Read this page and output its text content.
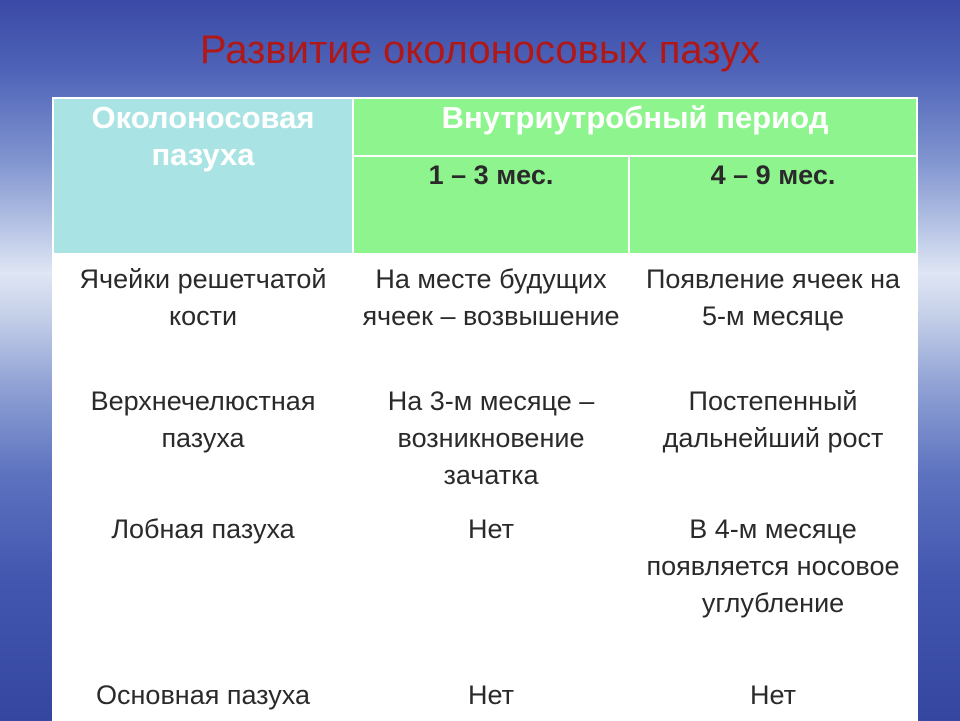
Развитие околоносовых пазух
Околоносовая пазуха	Внутриутробный период	
	1 – 3 мес.	4 – 9 мес.
Ячейки решетчатой кости	На месте будущих ячеек – возвышение	Появление ячеек на 5-м месяце
Верхнечелюстная пазуха	На 3-м месяце – возникновение зачатка	Постепенный дальнейший рост
Лобная пазуха	Нет	В 4-м месяце появляется носовое углубление
Основная пазуха	Нет	Нет
